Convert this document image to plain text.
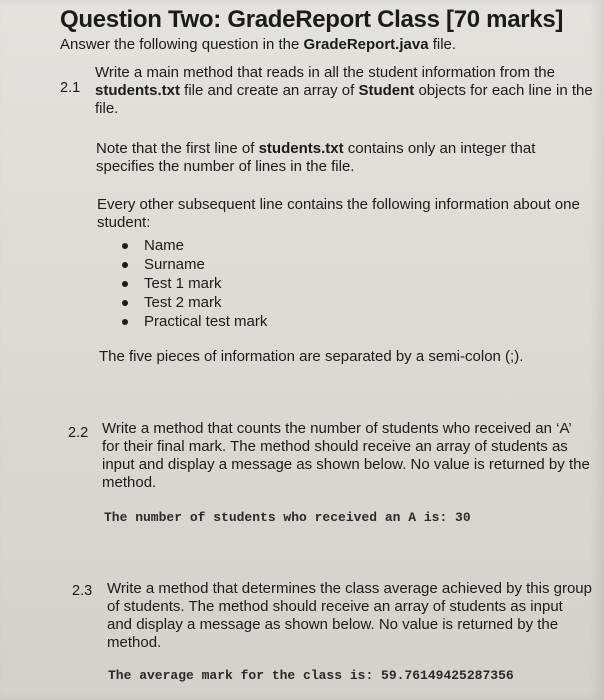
Question Two: GradeReport Class [70 marks]
Answer the following question in the GradeReport.java file.
2.1
Write a main method that reads in all the student information from the students.txt file and create an array of Student objects for each line in the file.
Note that the first line of students.txt contains only an integer that specifies the number of lines in the file.
Every other subsequent line contains the following information about one student:
Name
Surname
Test 1 mark
Test 2 mark
Practical test mark
The five pieces of information are separated by a semi-colon (;).
2.2 Write a method that counts the number of students who received an ‘A’ for their final mark. The method should receive an array of students as input and display a message as shown below. No value is returned by the method.
The number of students who received an A is: 30
2.3 Write a method that determines the class average achieved by this group of students. The method should receive an array of students as input and display a message as shown below. No value is returned by the method.
The average mark for the class is: 59.76149425287356
